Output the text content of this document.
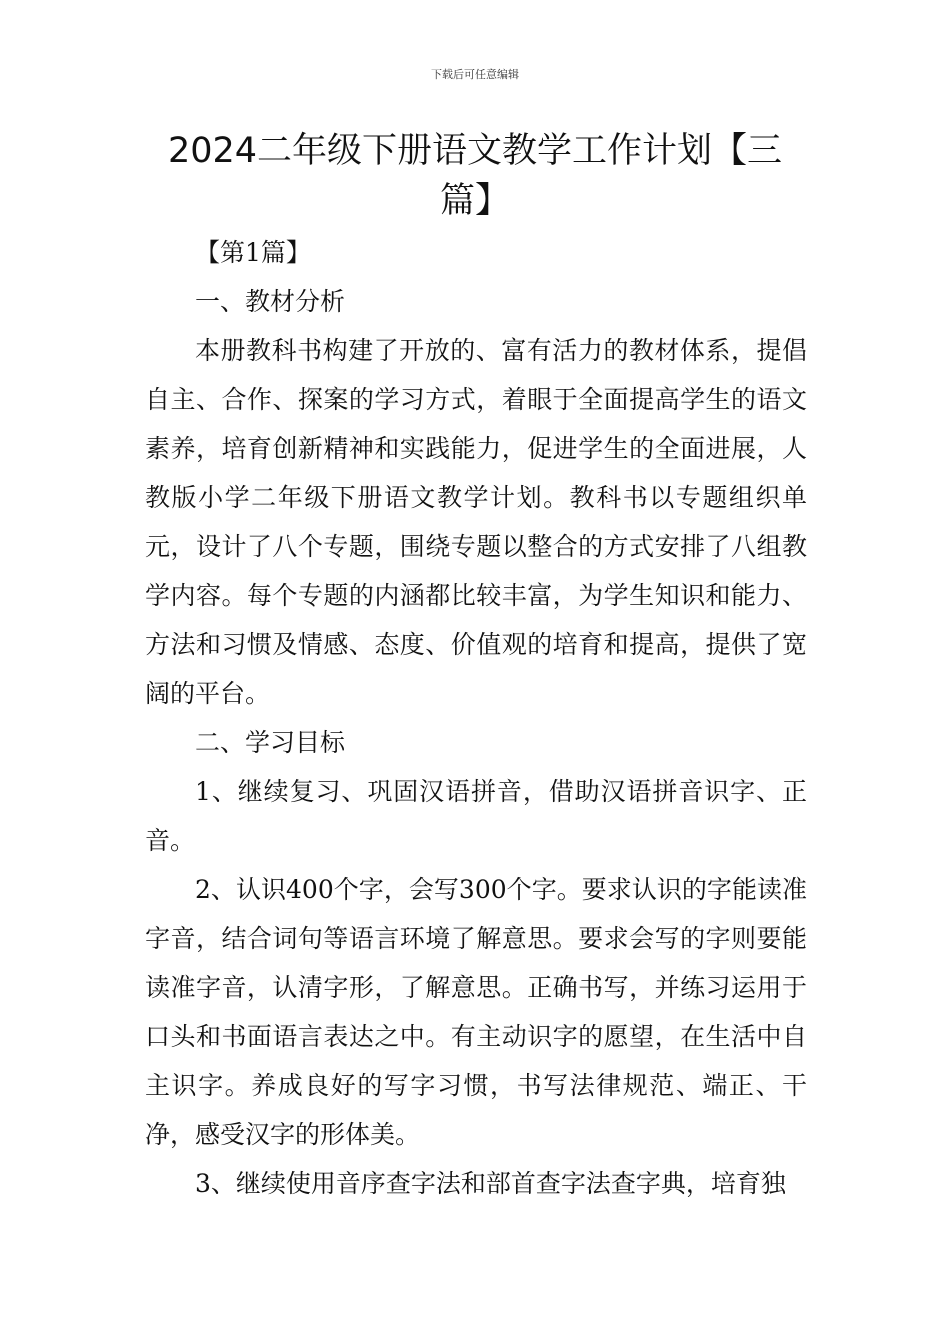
下载后可任意编辑
2024二年级下册语文教学工作计划【三篇】

【第1篇】

一、教材分析

本册教科书构建了开放的、富有活力的教材体系，提倡自主、合作、探案的学习方式，着眼于全面提高学生的语文素养，培育创新精神和实践能力，促进学生的全面进展，人教版小学二年级下册语文教学计划。教科书以专题组织单元，设计了八个专题，围绕专题以整合的方式安排了八组教学内容。每个专题的内涵都比较丰富，为学生知识和能力、方法和习惯及情感、态度、价值观的培育和提高，提供了宽阔的平台。

二、学习目标

1、继续复习、巩固汉语拼音，借助汉语拼音识字、正音。

2、认识400个字，会写300个字。要求认识的字能读准字音，结合词句等语言环境了解意思。要求会写的字则要能读准字音，认清字形，了解意思。正确书写，并练习运用于口头和书面语言表达之中。有主动识字的愿望，在生活中自主识字。养成良好的写字习惯，书写法律规范、端正、干净，感受汉字的形体美。

3、继续使用音序查字法和部首查字法查字典，培育独
